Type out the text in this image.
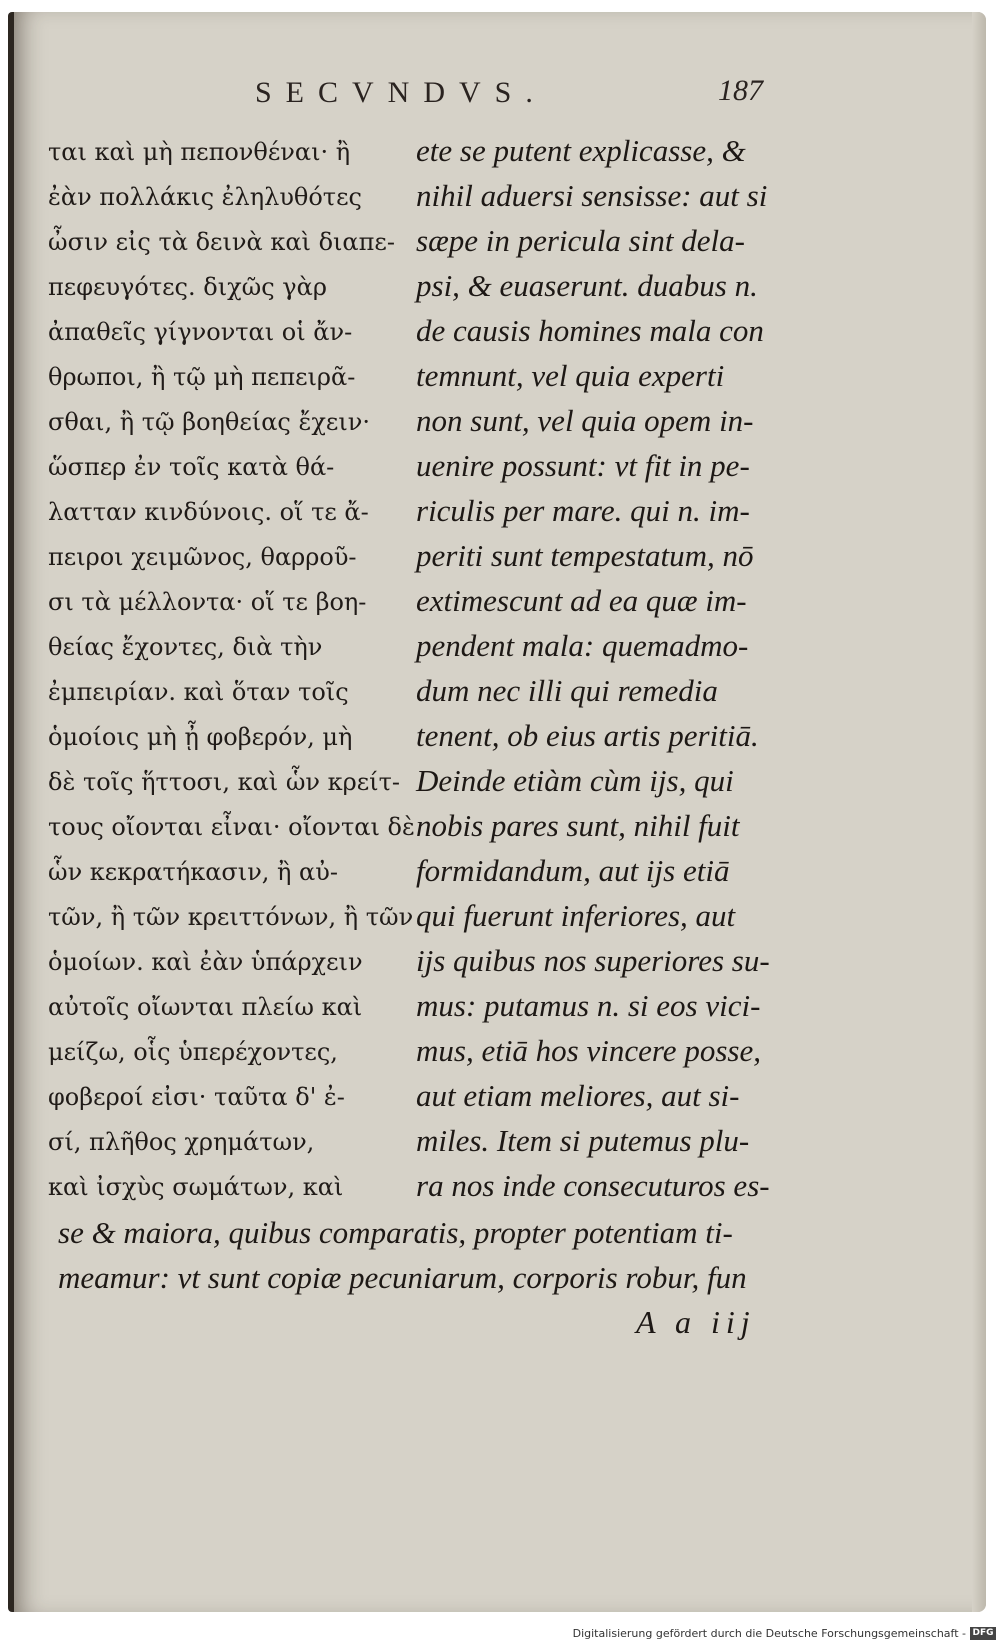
SECVNDVS.	187
ται καὶ μὴ πεπονθέναι· ἢ
ἐὰν πολλάκις ἐληλυθότες
ὦσιν εἰς τὰ δεινὰ καὶ διαπε-
πεφευγότες. διχῶς γὰρ
ἀπαθεῖς γίγνονται οἱ ἄν-
θρωποι, ἢ τῷ μὴ πεπειρᾶ-
σθαι, ἢ τῷ βοηθείας ἔχειν·
ὥσπερ ἐν τοῖς κατὰ θά-
λατταν κινδύνοις. οἵ τε ἄ-
πειροι χειμῶνος, θαρροῦ-
σι τὰ μέλλοντα· οἵ τε βοη-
θείας ἔχοντες, διὰ τὴν
ἐμπειρίαν. καὶ ὅταν τοῖς
ὁμοίοις μὴ ᾖ φοβερόν, μὴ
δὲ τοῖς ἥττοσι, καὶ ὧν κρείτ-
τους οἴονται εἶναι· οἴονται δὲ
ὧν κεκρατήκασιν, ἢ αὐ-
τῶν, ἢ τῶν κρειττόνων, ἢ τῶν
ὁμοίων. καὶ ἐὰν ὑπάρχειν
αὐτοῖς οἴωνται πλείω καὶ
μείζω, οἷς ὑπερέχοντες,
φοβεροί εἰσι· ταῦτα δ' ἐ-
σί, πλῆθος χρημάτων,
καὶ ἰσχὺς σωμάτων, καὶ
ete se putent explicasse, &
nihil aduersi sensisse: aut si
sæpe in pericula sint dela-
psi, & euaserunt. duabus n.
de causis homines mala con
temnunt, vel quia experti
non sunt, vel quia opem in-
uenire possunt: vt fit in pe-
riculis per mare. qui n. im-
periti sunt tempestatum, nō
extimescunt ad ea quæ im-
pendent mala: quemadmo-
dum nec illi qui remedia
tenent, ob eius artis peritiā.
Deinde etiàm cùm ijs, qui
nobis pares sunt, nihil fuit
formidandum, aut ijs etiā
qui fuerunt inferiores, aut
ijs quibus nos superiores su-
mus: putamus n. si eos vici-
mus, etiā hos vincere posse,
aut etiam meliores, aut si-
miles. Item si putemus plu-
ra nos inde consecuturos es-
se & maiora, quibus comparatis, propter potentiam ti-
meamur: vt sunt copiæ pecuniarum, corporis robur, fun
A a iij
Digitalisierung gefördert durch die Deutsche Forschungsgemeinschaft - DFG
